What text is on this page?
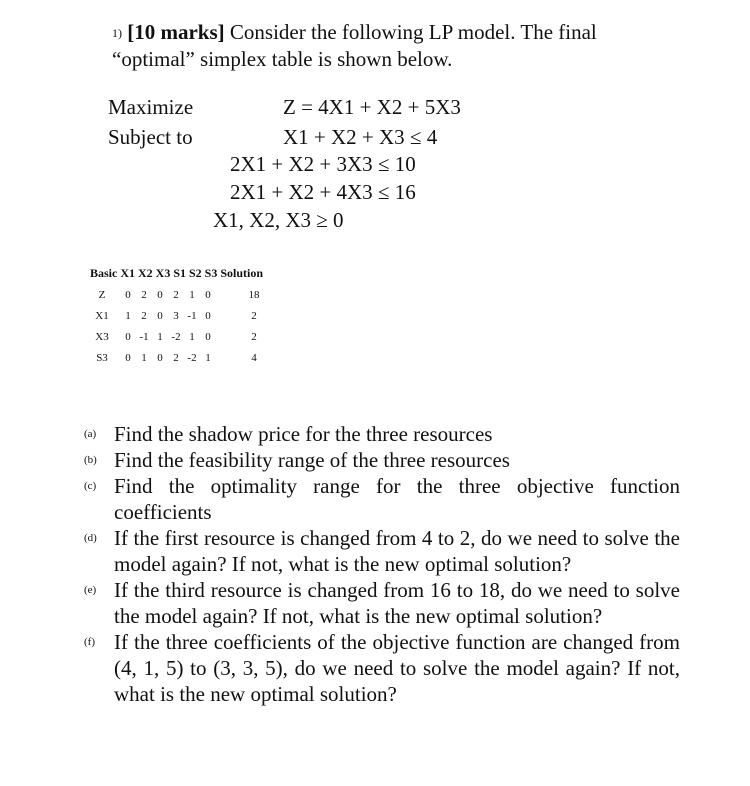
1) [10 marks] Consider the following LP model. The final
“optimal” simplex table is shown below.
Maximize
Subject to
Z = 4X1 + X2 + 5X3
X1 + X2 + X3 ≤ 4
2X1 + X2 + 3X3 ≤ 10
2X1 + X2 + 4X3 ≤ 16
X1, X2, X3 ≥ 0
Basic X1 X2 X3 S1 S2 S3 Solution
Z	0 2 0 2 1 0	18
X1	1 2 0 3 -1 0	2
X3	0 -1 1 -2 1 0	2
S3	0 1 0 2 -2 1	4
(a) Find the shadow price for the three resources
(b) Find the feasibility range of the three resources
(c) Find the optimality range for the three objective function coefficients
(d) If the first resource is changed from 4 to 2, do we need to solve the model again? If not, what is the new optimal solution?
(e) If the third resource is changed from 16 to 18, do we need to solve the model again? If not, what is the new optimal solution?
(f) If the three coefficients of the objective function are changed from (4, 1, 5) to (3, 3, 5), do we need to solve the model again? If not, what is the new optimal solution?
